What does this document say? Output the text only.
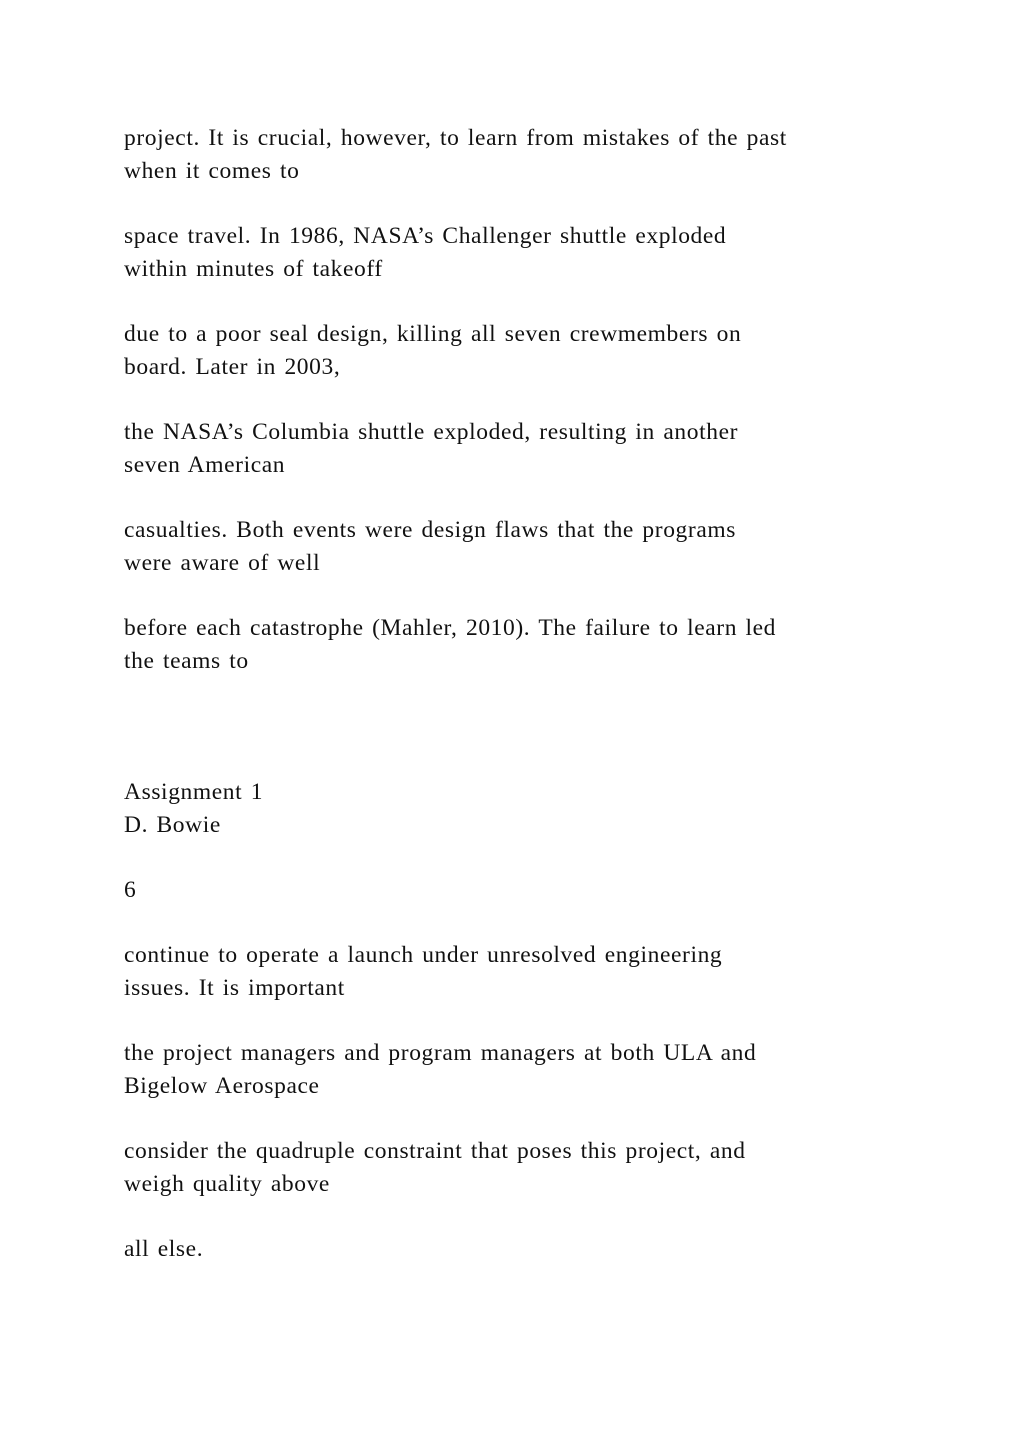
project. It is crucial, however, to learn from mistakes of the past
when it comes to

space travel. In 1986, NASA’s Challenger shuttle exploded
within minutes of takeoff

due to a poor seal design, killing all seven crewmembers on
board. Later in 2003,

the NASA’s Columbia shuttle exploded, resulting in another
seven American

casualties. Both events were design flaws that the programs
were aware of well

before each catastrophe (Mahler, 2010). The failure to learn led
the teams to

Assignment 1
D. Bowie

6

continue to operate a launch under unresolved engineering
issues. It is important

the project managers and program managers at both ULA and
Bigelow Aerospace

consider the quadruple constraint that poses this project, and
weigh quality above

all else.
